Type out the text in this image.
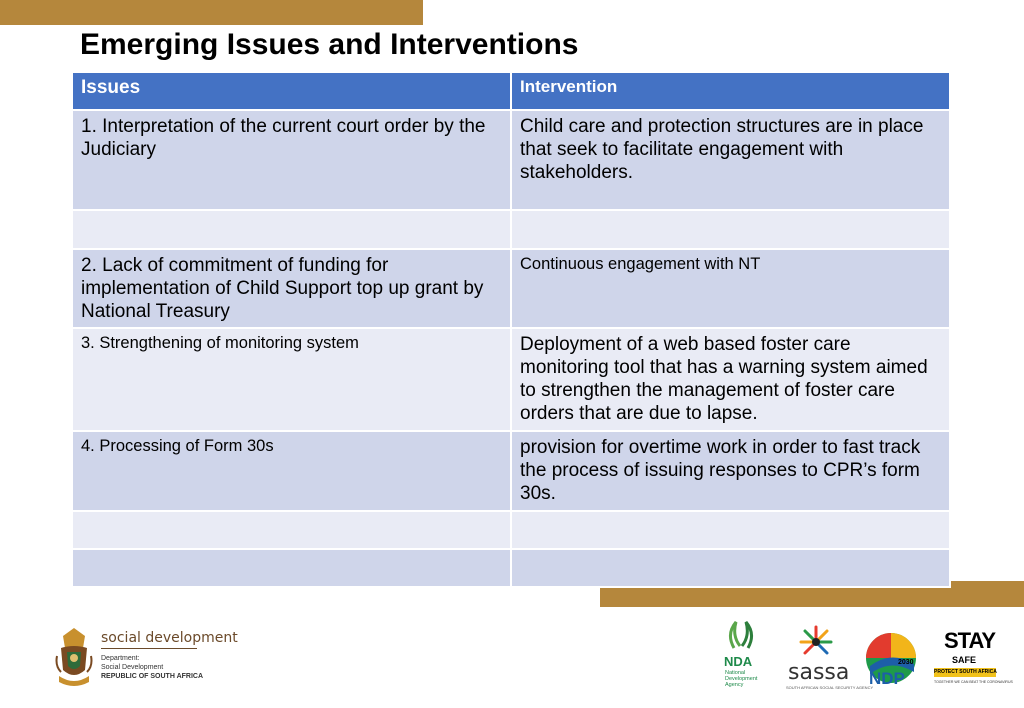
Emerging Issues and Interventions
Issues	Intervention
1. Interpretation of the current court order by the Judiciary	Child care and protection structures are in place that seek to facilitate engagement with stakeholders.

2. Lack of commitment of funding for implementation of Child Support top up grant by National Treasury	Continuous engagement with NT
3. Strengthening of monitoring system	Deployment of a web based foster care monitoring tool that has a warning system aimed to strengthen the management of foster care orders that are due to lapse.
4. Processing of Form 30s	provision for overtime work in order to fast track the process of issuing responses to CPR’s form 30s.

social development
Department:
Social Development
REPUBLIC OF SOUTH AFRICA
NDA
National
Development
Agency	sassa
SOUTH AFRICAN SOCIAL SECURITY AGENCY
2030
NDP
STAY
SAFE
PROTECT SOUTH AFRICA
TOGETHER WE CAN BEAT THE CORONAVIRUS
